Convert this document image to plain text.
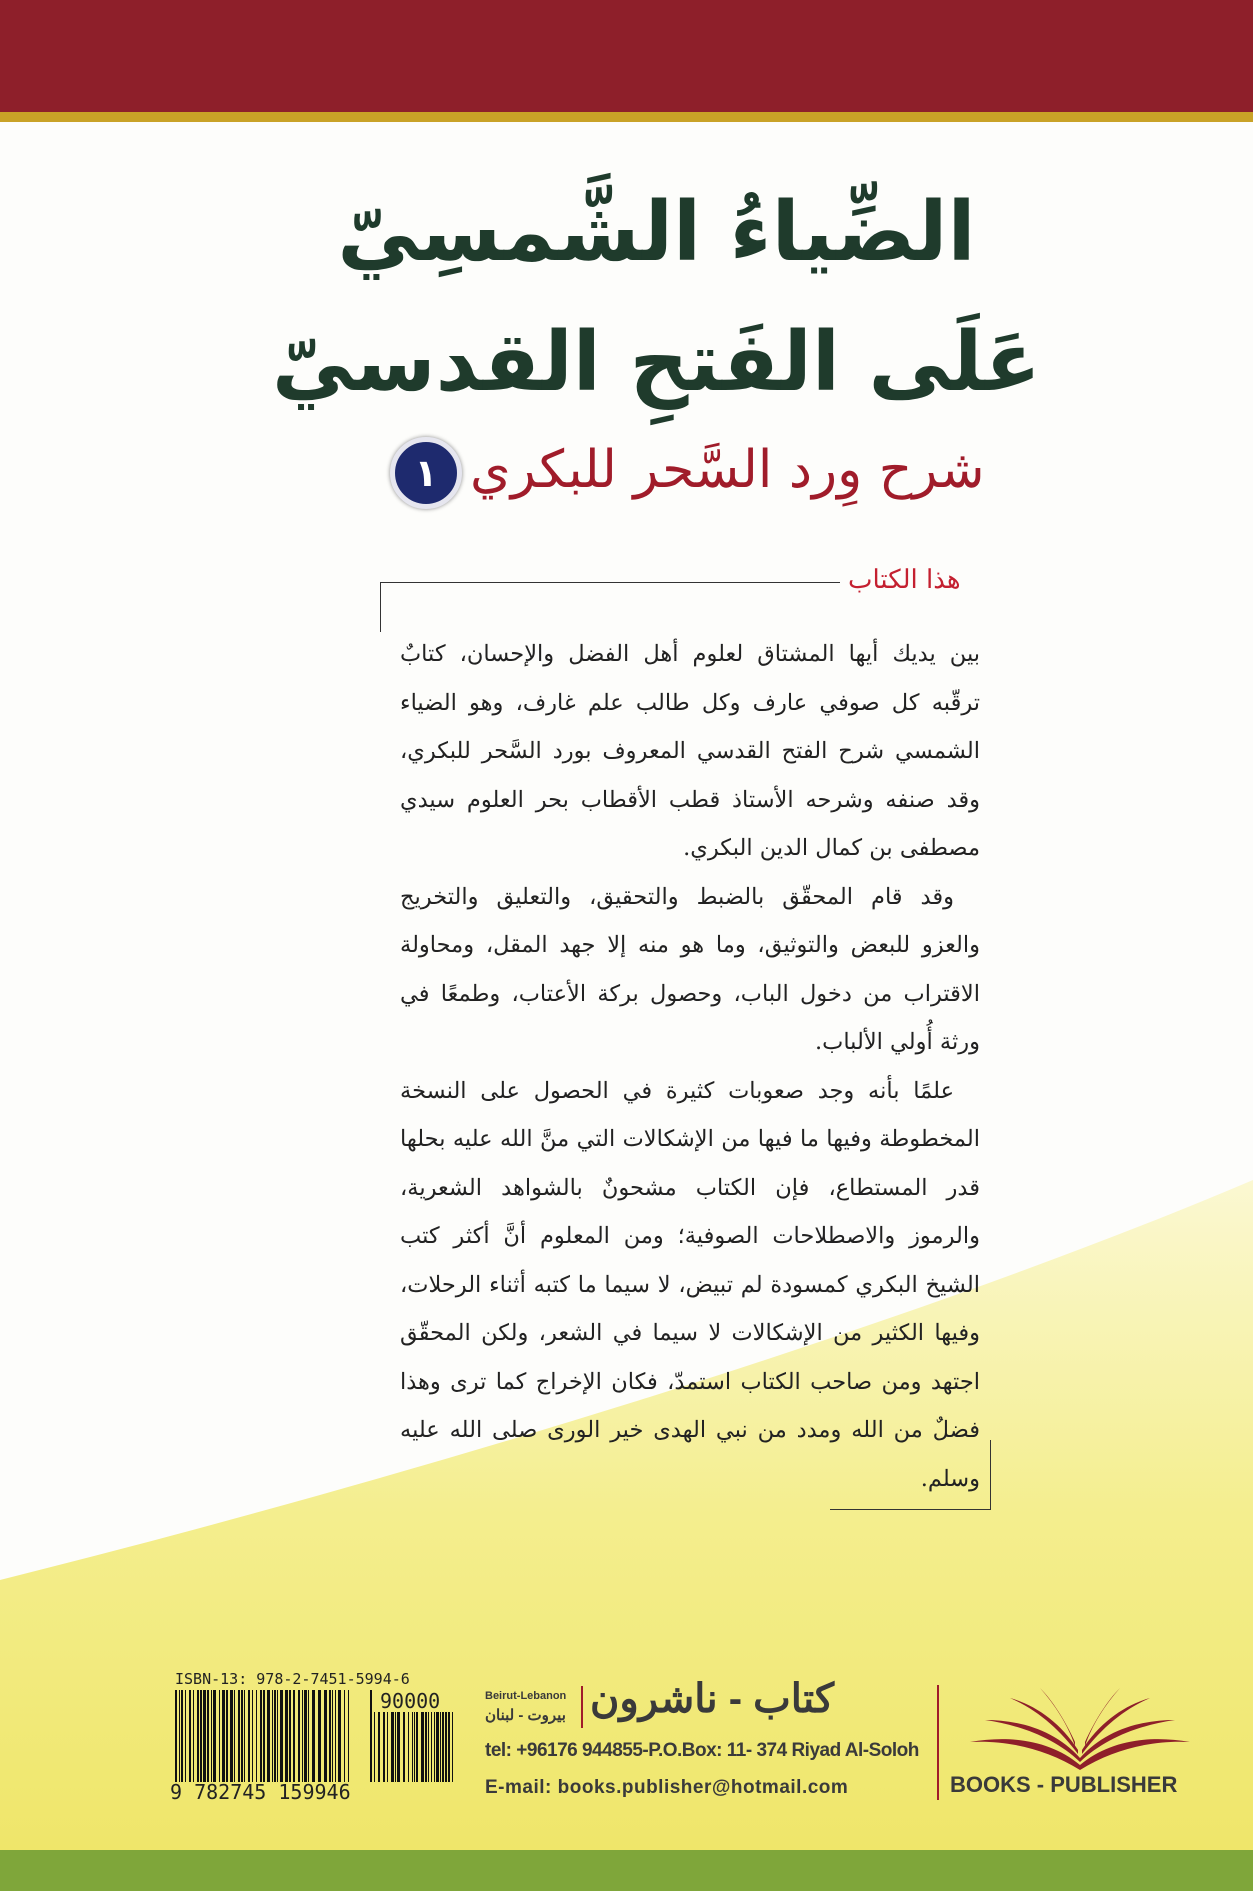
الضِّياءُ الشَّمسِيّ
عَلَى الفَتحِ القدسيّ
شرح وِرد السَّحر للبكري
١
هذا الكتاب

بين يديك أيها المشتاق لعلوم أهل الفضل والإحسان، كتابٌ ترقّبه كل صوفي عارف وكل طالب علم غارف، وهو الضياء الشمسي شرح الفتح القدسي المعروف بورد السَّحر للبكري، وقد صنفه وشرحه الأستاذ قطب الأقطاب بحر العلوم سيدي مصطفى بن كمال الدين البكري.

وقد قام المحقّق بالضبط والتحقيق، والتعليق والتخريج والعزو للبعض والتوثيق، وما هو منه إلا جهد المقل، ومحاولة الاقتراب من دخول الباب، وحصول بركة الأعتاب، وطمعًا في ورثة أُولي الألباب.

علمًا بأنه وجد صعوبات كثيرة في الحصول على النسخة المخطوطة وفيها ما فيها من الإشكالات التي منَّ الله عليه بحلها قدر المستطاع، فإن الكتاب مشحونٌ بالشواهد الشعرية، والرموز والاصطلاحات الصوفية؛ ومن المعلوم أنَّ أكثر كتب الشيخ البكري كمسودة لم تبيض، لا سيما ما كتبه أثناء الرحلات، وفيها الكثير من الإشكالات لا سيما في الشعر، ولكن المحقّق اجتهد ومن صاحب الكتاب استمدّ، فكان الإخراج كما ترى وهذا فضلٌ من الله ومدد من نبي الهدى خير الورى صلى الله عليه وسلم.

ISBN-13: 978-2-7451-5994-6
9 782745 159946
90000	Beirut-Lebanon
بيروت - لبنان كتاب - ناشرون
tel: +96176 944855-P.O.Box: 11- 374 Riyad Al-Soloh
E-mail: books.publisher@hotmail.com	BOOKS - PUBLISHER
